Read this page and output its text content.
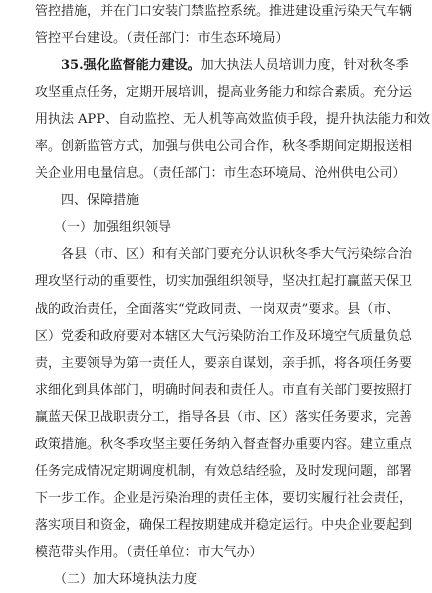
管控措施，并在门口安装门禁监控系统。推进建设重污染天气车辆
管控平台建设。（责任部门：市生态环境局）
35.强化监督能力建设。加大执法人员培训力度，针对秋冬季
攻坚重点任务，定期开展培训，提高业务能力和综合素质。充分运
用执法 APP、自动监控、无人机等高效监侦手段，提升执法能力和效
率。创新监管方式，加强与供电公司合作，秋冬季期间定期报送相
关企业用电量信息。（责任部门：市生态环境局、沧州供电公司）
四、保障措施
（一）加强组织领导
各县（市、区）和有关部门要充分认识秋冬季大气污染综合治
理攻坚行动的重要性，切实加强组织领导，坚决扛起打赢蓝天保卫
战的政治责任，全面落实“党政同责、一岗双责”要求。县（市、
区）党委和政府要对本辖区大气污染防治工作及环境空气质量负总
责，主要领导为第一责任人，要亲自谋划，亲手抓，将各项任务要
求细化到具体部门，明确时间表和责任人。市直有关部门要按照打
赢蓝天保卫战职责分工，指导各县（市、区）落实任务要求，完善
政策措施。秋冬季攻坚主要任务纳入督查督办重要内容。建立重点
任务完成情况定期调度机制，有效总结经验，及时发现问题，部署
下一步工作。企业是污染治理的责任主体，要切实履行社会责任，
落实项目和资金，确保工程按期建成并稳定运行。中央企业要起到
模范带头作用。（责任单位：市大气办）
（二）加大环境执法力度
